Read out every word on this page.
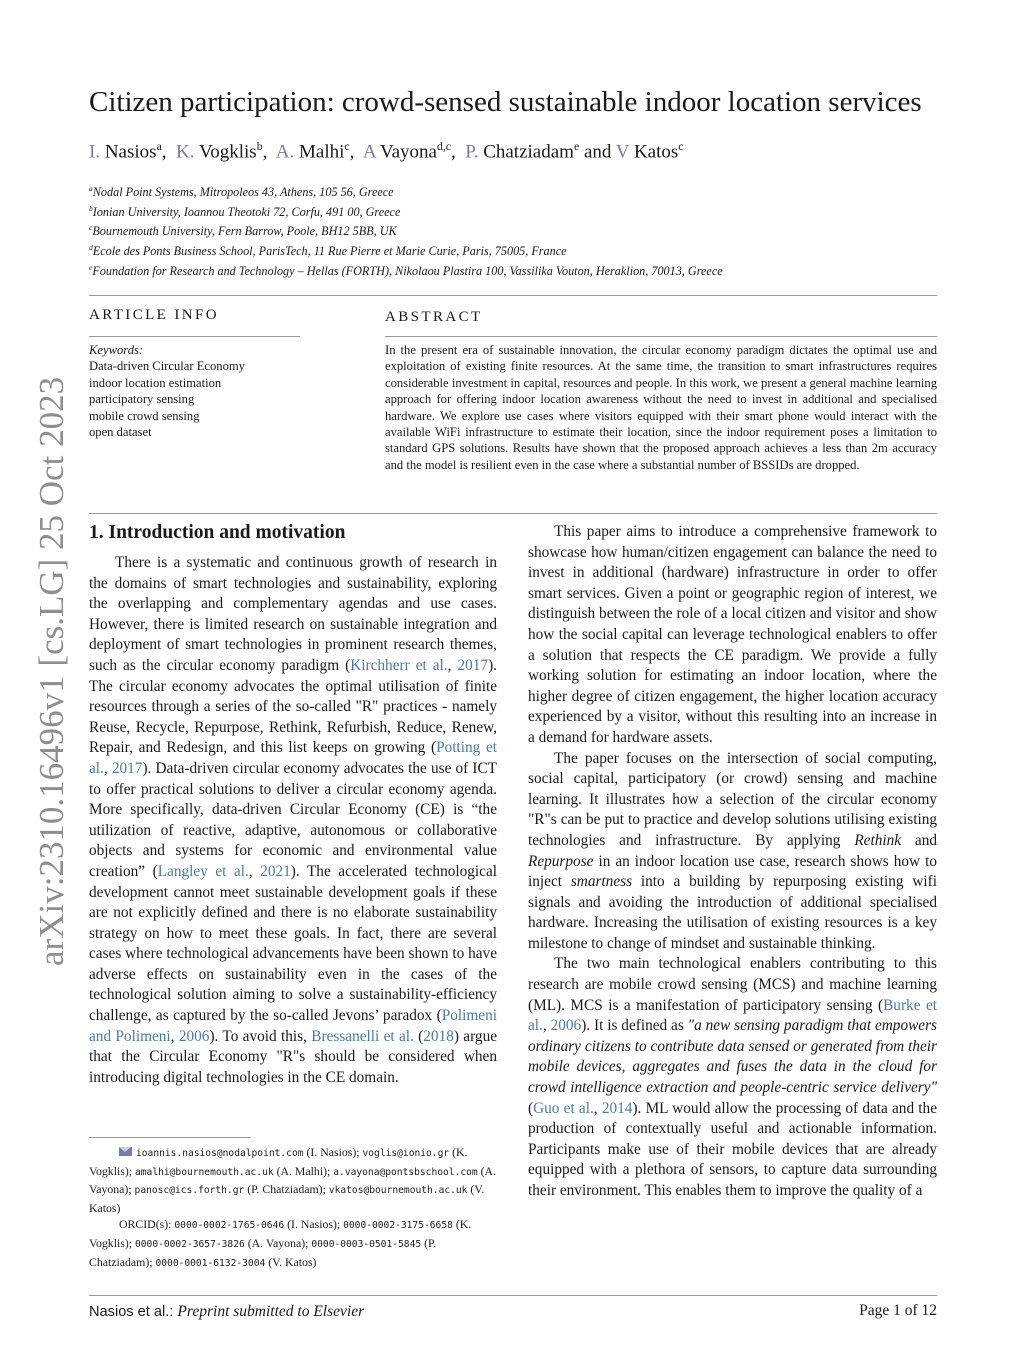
arXiv:2310.16496v1 [cs.LG] 25 Oct 2023
Citizen participation: crowd-sensed sustainable indoor location services
I. Nasios$^a$,  K. Vogklis$^b$,  A. Malhi$^c$,  A Vayona$^{d,c}$,  P. Chatziadam$^e$ and V Katos$^c$
$^a$Nodal Point Systems, Mitropoleos 43, Athens, 105 56, Greece
$^b$Ionian University, Ioannou Theotoki 72, Corfu, 491 00, Greece
$^c$Bournemouth University, Fern Barrow, Poole, BH12 5BB, UK
$^d$Ecole des Ponts Business School, ParisTech, 11 Rue Pierre et Marie Curie, Paris, 75005, France
$^e$Foundation for Research and Technology – Hellas (FORTH), Nikolaou Plastira 100, Vassilika Vouton, Heraklion, 70013, Greece
ARTICLE INFO
Keywords:
Data-driven Circular Economy
indoor location estimation
participatory sensing
mobile crowd sensing
open dataset
ABSTRACT
In the present era of sustainable innovation, the circular economy paradigm dictates the optimal use and exploitation of existing finite resources. At the same time, the transition to smart infrastructures requires considerable investment in capital, resources and people. In this work, we present a general machine learning approach for offering indoor location awareness without the need to invest in additional and specialised hardware. We explore use cases where visitors equipped with their smart phone would interact with the available WiFi infrastructure to estimate their location, since the indoor requirement poses a limitation to standard GPS solutions. Results have shown that the proposed approach achieves a less than 2m accuracy and the model is resilient even in the case where a substantial number of BSSIDs are dropped.
1. Introduction and motivation

There is a systematic and continuous growth of research in the domains of smart technologies and sustainability, exploring the overlapping and complementary agendas and use cases. However, there is limited research on sustainable integration and deployment of smart technologies in prominent research themes, such as the circular economy paradigm (Kirchherr et al., 2017). The circular economy advocates the optimal utilisation of finite resources through a series of the so-called "R" practices - namely Reuse, Recycle, Repurpose, Rethink, Refurbish, Reduce, Renew, Repair, and Redesign, and this list keeps on growing (Potting et al., 2017). Data-driven circular economy advocates the use of ICT to offer practical solutions to deliver a circular economy agenda. More specifically, data-driven Circular Economy (CE) is “the utilization of reactive, adaptive, autonomous or collaborative objects and systems for economic and environmental value creation” (Langley et al., 2021). The accelerated technological development cannot meet sustainable development goals if these are not explicitly defined and there is no elaborate sustainability strategy on how to meet these goals. In fact, there are several cases where technological advancements have been shown to have adverse effects on sustainability even in the cases of the technological solution aiming to solve a sustainability-efficiency challenge, as captured by the so-called Jevons’ paradox (Polimeni and Polimeni, 2006). To avoid this, Bressanelli et al. (2018) argue that the Circular Economy "R"s should be considered when introducing digital technologies in the CE domain.

ioannis.nasios@nodalpoint.com (I. Nasios); voglis@ionio.gr (K. Vogklis); amalhi@bournemouth.ac.uk (A. Malhi); a.vayona@pontsbschool.com (A. Vayona); panosc@ics.forth.gr (P. Chatziadam); vkatos@bournemouth.ac.uk (V. Katos)

ORCID(s): 0000-0002-1765-0646 (I. Nasios); 0000-0002-3175-6658 (K. Vogklis); 0000-0002-3657-3826 (A. Vayona); 0000-0003-0501-5845 (P. Chatziadam); 0000-0001-6132-3004 (V. Katos)

This paper aims to introduce a comprehensive framework to showcase how human/citizen engagement can balance the need to invest in additional (hardware) infrastructure in order to offer smart services. Given a point or geographic region of interest, we distinguish between the role of a local citizen and visitor and show how the social capital can leverage technological enablers to offer a solution that respects the CE paradigm. We provide a fully working solution for estimating an indoor location, where the higher degree of citizen engagement, the higher location accuracy experienced by a visitor, without this resulting into an increase in a demand for hardware assets.

The paper focuses on the intersection of social computing, social capital, participatory (or crowd) sensing and machine learning. It illustrates how a selection of the circular economy "R"s can be put to practice and develop solutions utilising existing technologies and infrastructure. By applying Rethink and Repurpose in an indoor location use case, research shows how to inject smartness into a building by repurposing existing wifi signals and avoiding the introduction of additional specialised hardware. Increasing the utilisation of existing resources is a key milestone to change of mindset and sustainable thinking.

The two main technological enablers contributing to this research are mobile crowd sensing (MCS) and machine learning (ML). MCS is a manifestation of participatory sensing (Burke et al., 2006). It is defined as "a new sensing paradigm that empowers ordinary citizens to contribute data sensed or generated from their mobile devices, aggregates and fuses the data in the cloud for crowd intelligence extraction and people-centric service delivery" (Guo et al., 2014). ML would allow the processing of data and the production of contextually useful and actionable information. Participants make use of their mobile devices that are already equipped with a plethora of sensors, to capture data surrounding their environment. This enables them to improve the quality of a

Nasios et al.: Preprint submitted to Elsevier	Page 1 of 12
